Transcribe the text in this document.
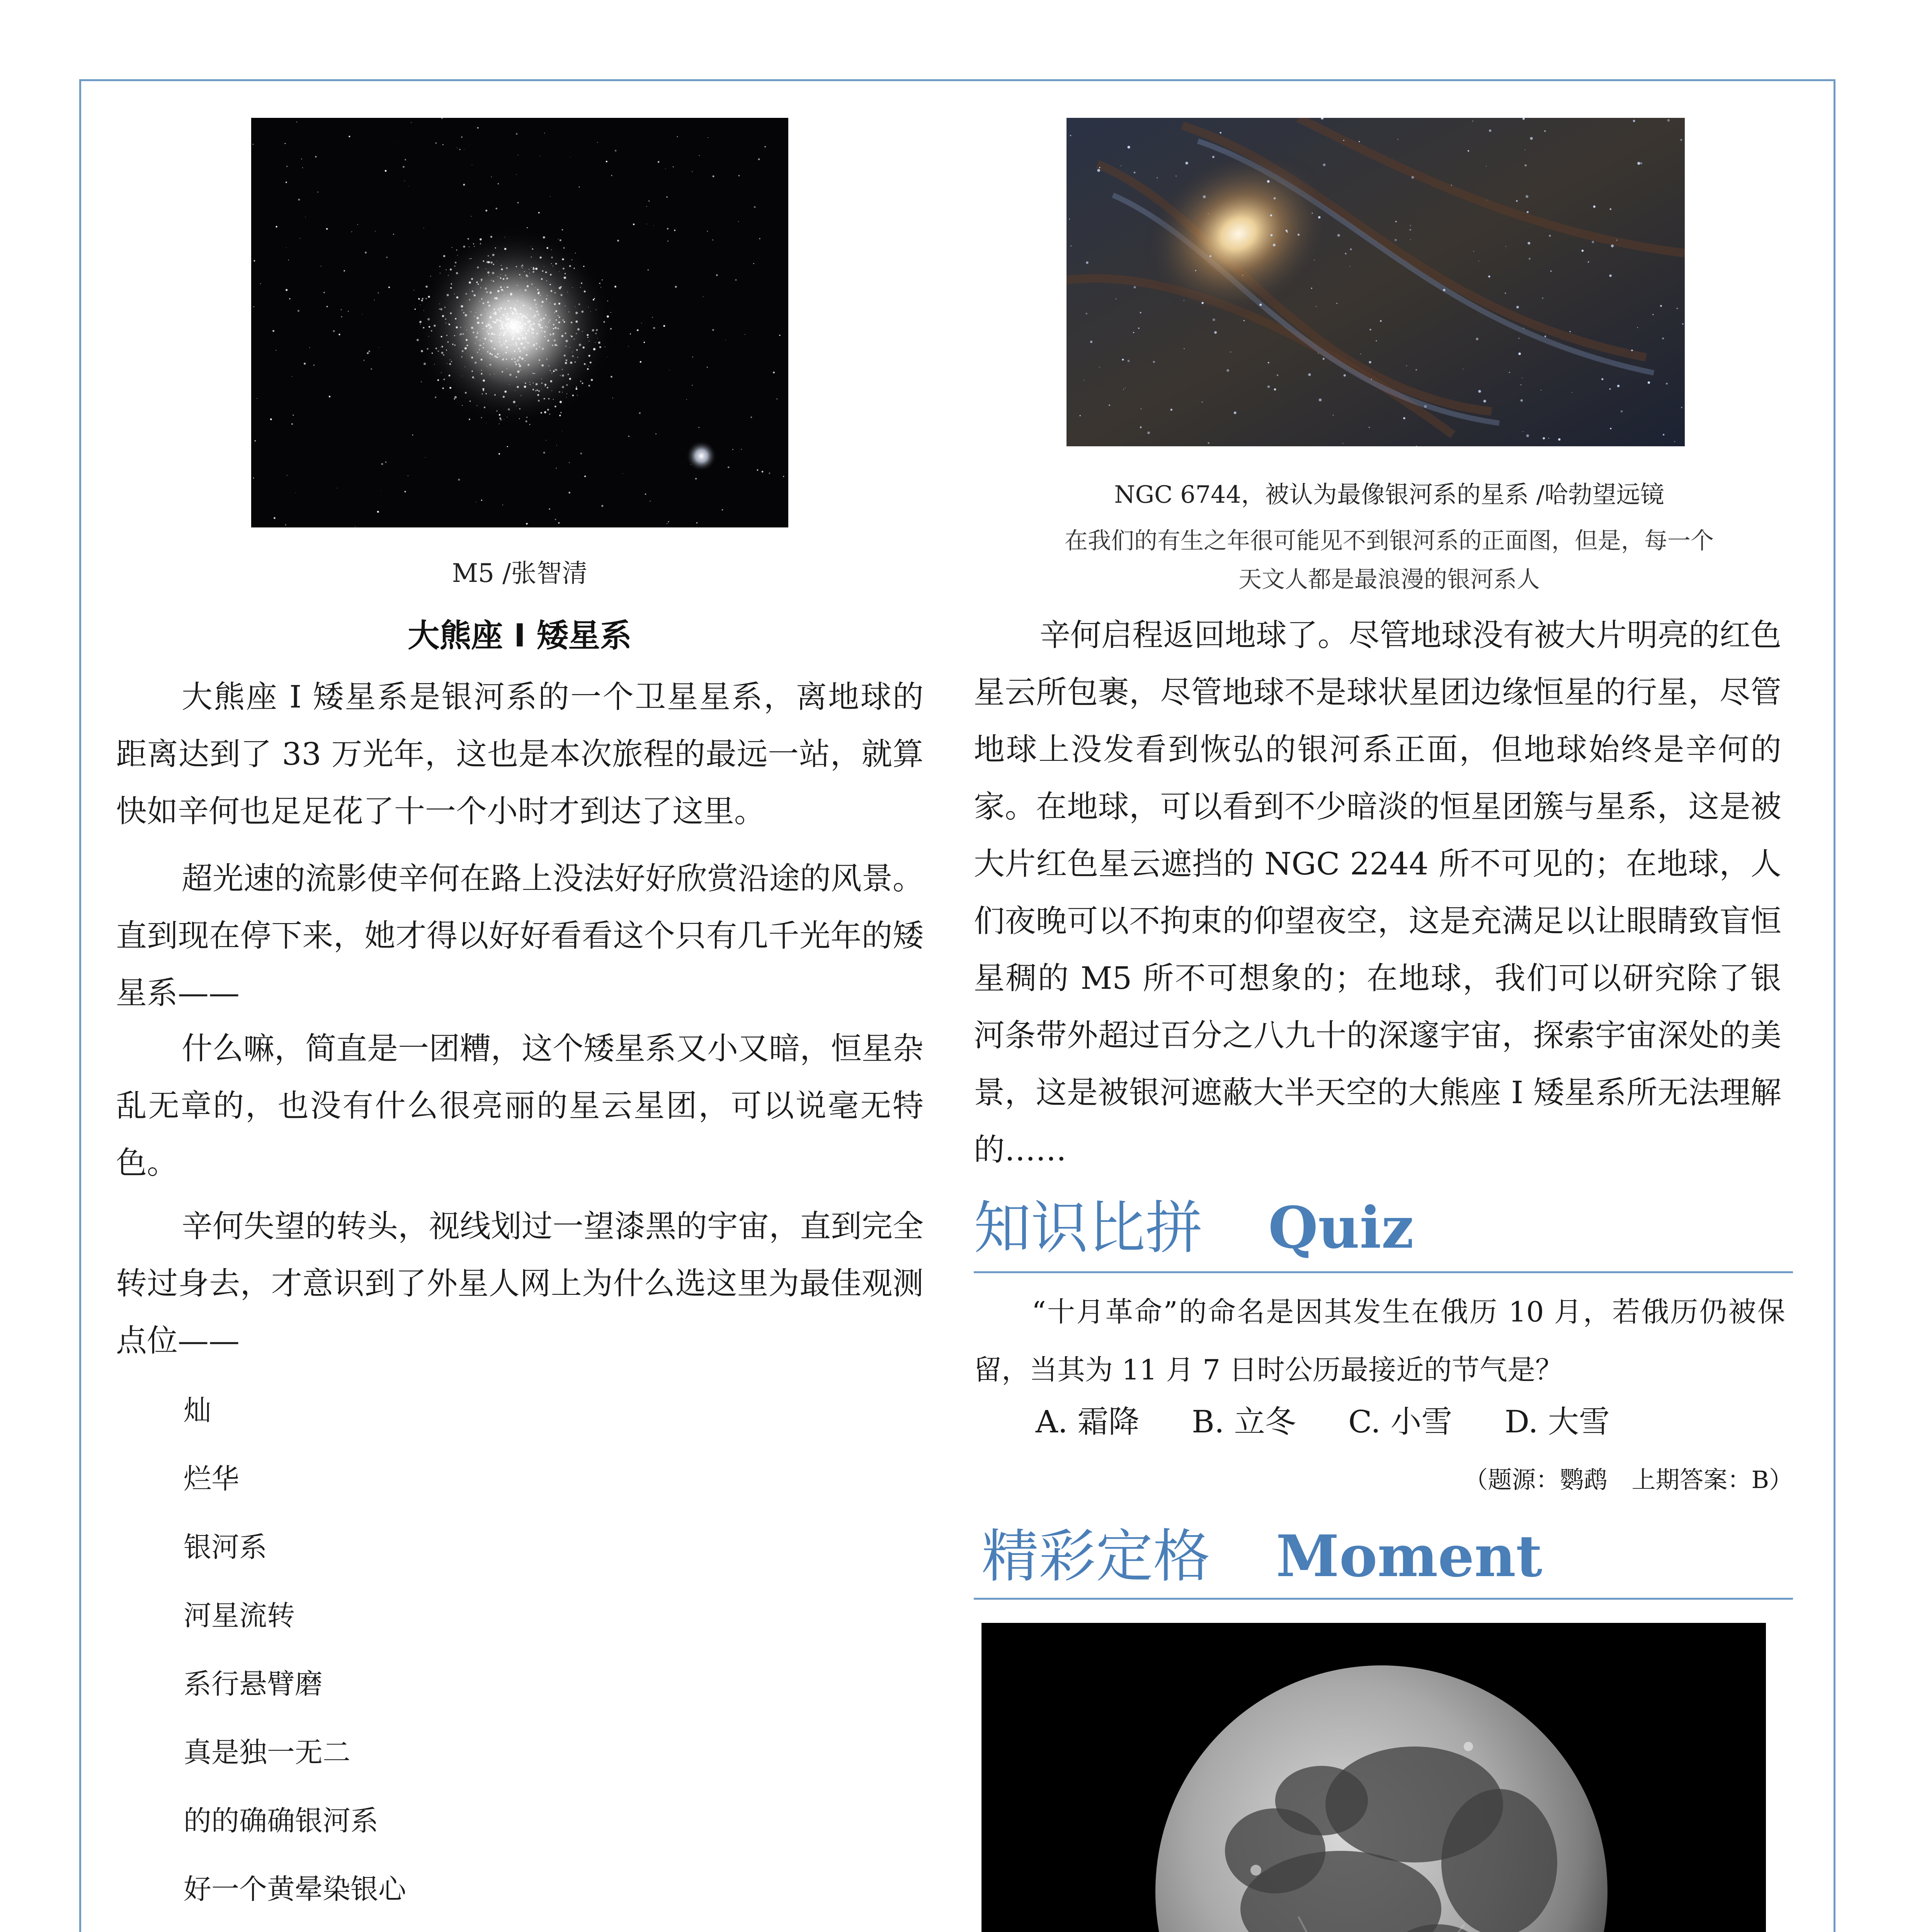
M5 /张智清
大熊座 I 矮星系

大熊座 I 矮星系是银河系的一个卫星星系，离地球的距离达到了 33 万光年，这也是本次旅程的最远一站，就算快如辛何也足足花了十一个小时才到达了这里。

超光速的流影使辛何在路上没法好好欣赏沿途的风景。直到现在停下来，她才得以好好看看这个只有几千光年的矮星系——

什么嘛，简直是一团糟，这个矮星系又小又暗，恒星杂乱无章的，也没有什么很亮丽的星云星团，可以说毫无特色。

辛何失望的转头，视线划过一望漆黑的宇宙，直到完全转过身去，才意识到了外星人网上为什么选这里为最佳观测点位——

灿
烂华
银河系
河星流转
系行悬臂磨
真是独一无二
的的确确银河系
好一个黄晕染银心
NGC 6744，被认为最像银河系的星系 /哈勃望远镜
在我们的有生之年很可能见不到银河系的正面图，但是，每一个
天文人都是最浪漫的银河系人

辛何启程返回地球了。尽管地球没有被大片明亮的红色星云所包裹，尽管地球不是球状星团边缘恒星的行星，尽管地球上没发看到恢弘的银河系正面，但地球始终是辛何的家。在地球，可以看到不少暗淡的恒星团簇与星系，这是被大片红色星云遮挡的 NGC 2244 所不可见的；在地球，人们夜晚可以不拘束的仰望夜空，这是充满足以让眼睛致盲恒星稠的 M5 所不可想象的；在地球，我们可以研究除了银河条带外超过百分之八九十的深邃宇宙，探索宇宙深处的美景，这是被银河遮蔽大半天空的大熊座 I 矮星系所无法理解的……

知识比拼 Quiz

“十月革命”的命名是因其发生在俄历 10 月，若俄历仍被保留，当其为 11 月 7 日时公历最接近的节气是？

A. 霜降 B. 立冬 C. 小雪 D. 大雪
（题源：鹦鹉　上期答案：B）
精彩定格 Moment
